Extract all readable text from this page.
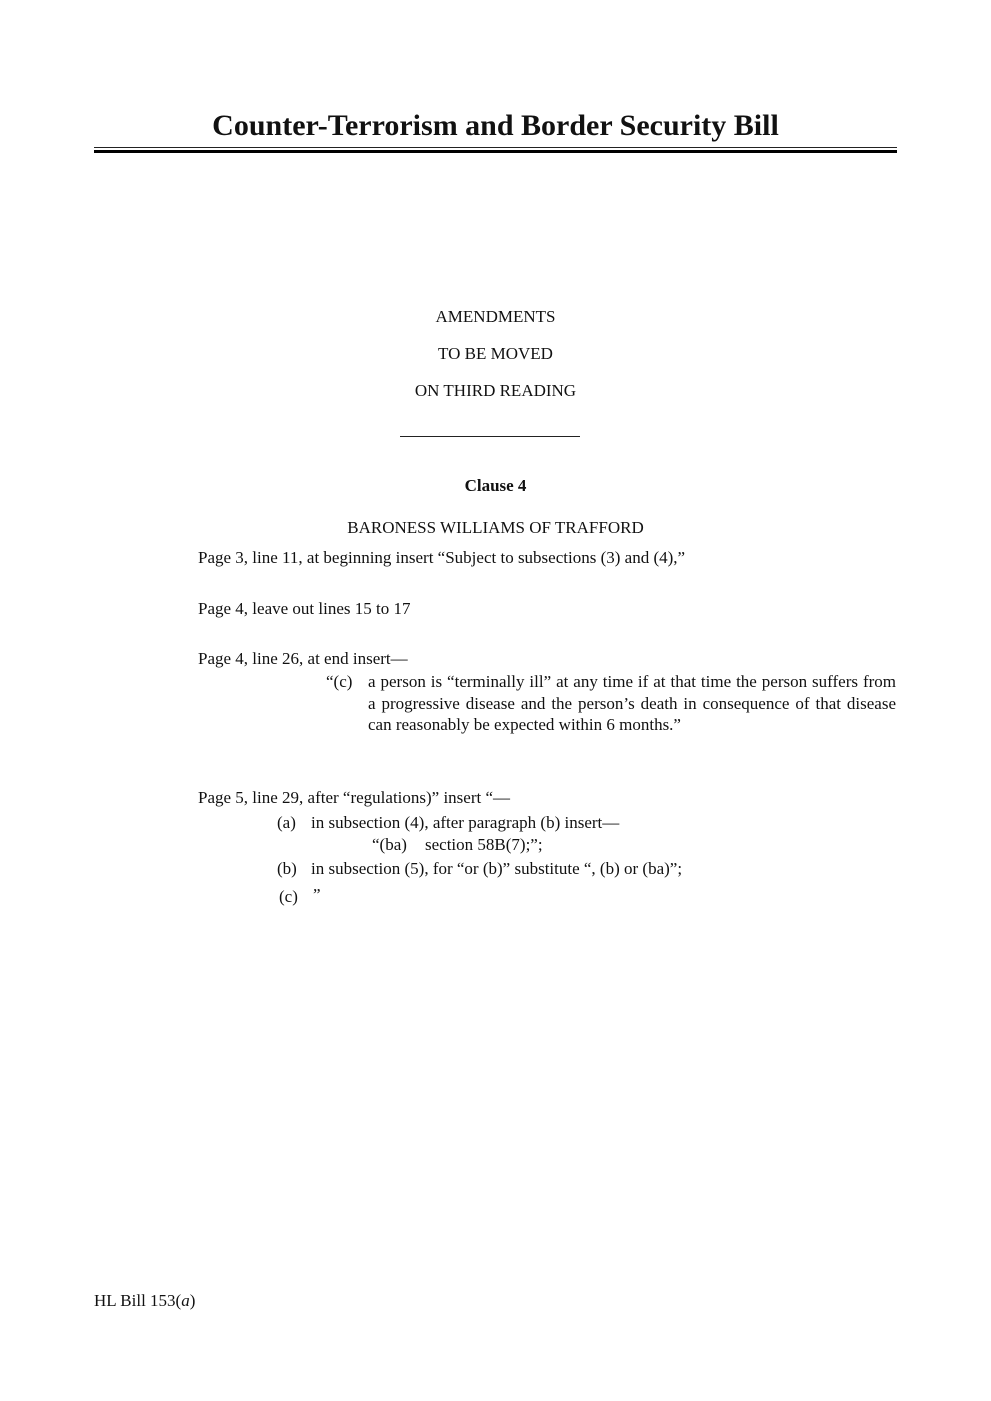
Counter-Terrorism and Border Security Bill
AMENDMENTS
TO BE MOVED
ON THIRD READING
Clause 4
BARONESS WILLIAMS OF TRAFFORD
Page 3, line 11, at beginning insert “Subject to subsections (3) and (4),”
Page 4, leave out lines 15 to 17
Page 4, line 26, at end insert—
“(c) a person is “terminally ill” at any time if at that time the person suffers from a progressive disease and the person’s death in consequence of that disease can reasonably be expected within 6 months.”
Page 5, line 29, after “regulations)” insert “—
(a) in subsection (4), after paragraph (b) insert—
“(ba) section 58B(7);”;
(b) in subsection (5), for “or (b)” substitute “, (b) or (ba)”;
(c) ”
HL Bill 153(a)
